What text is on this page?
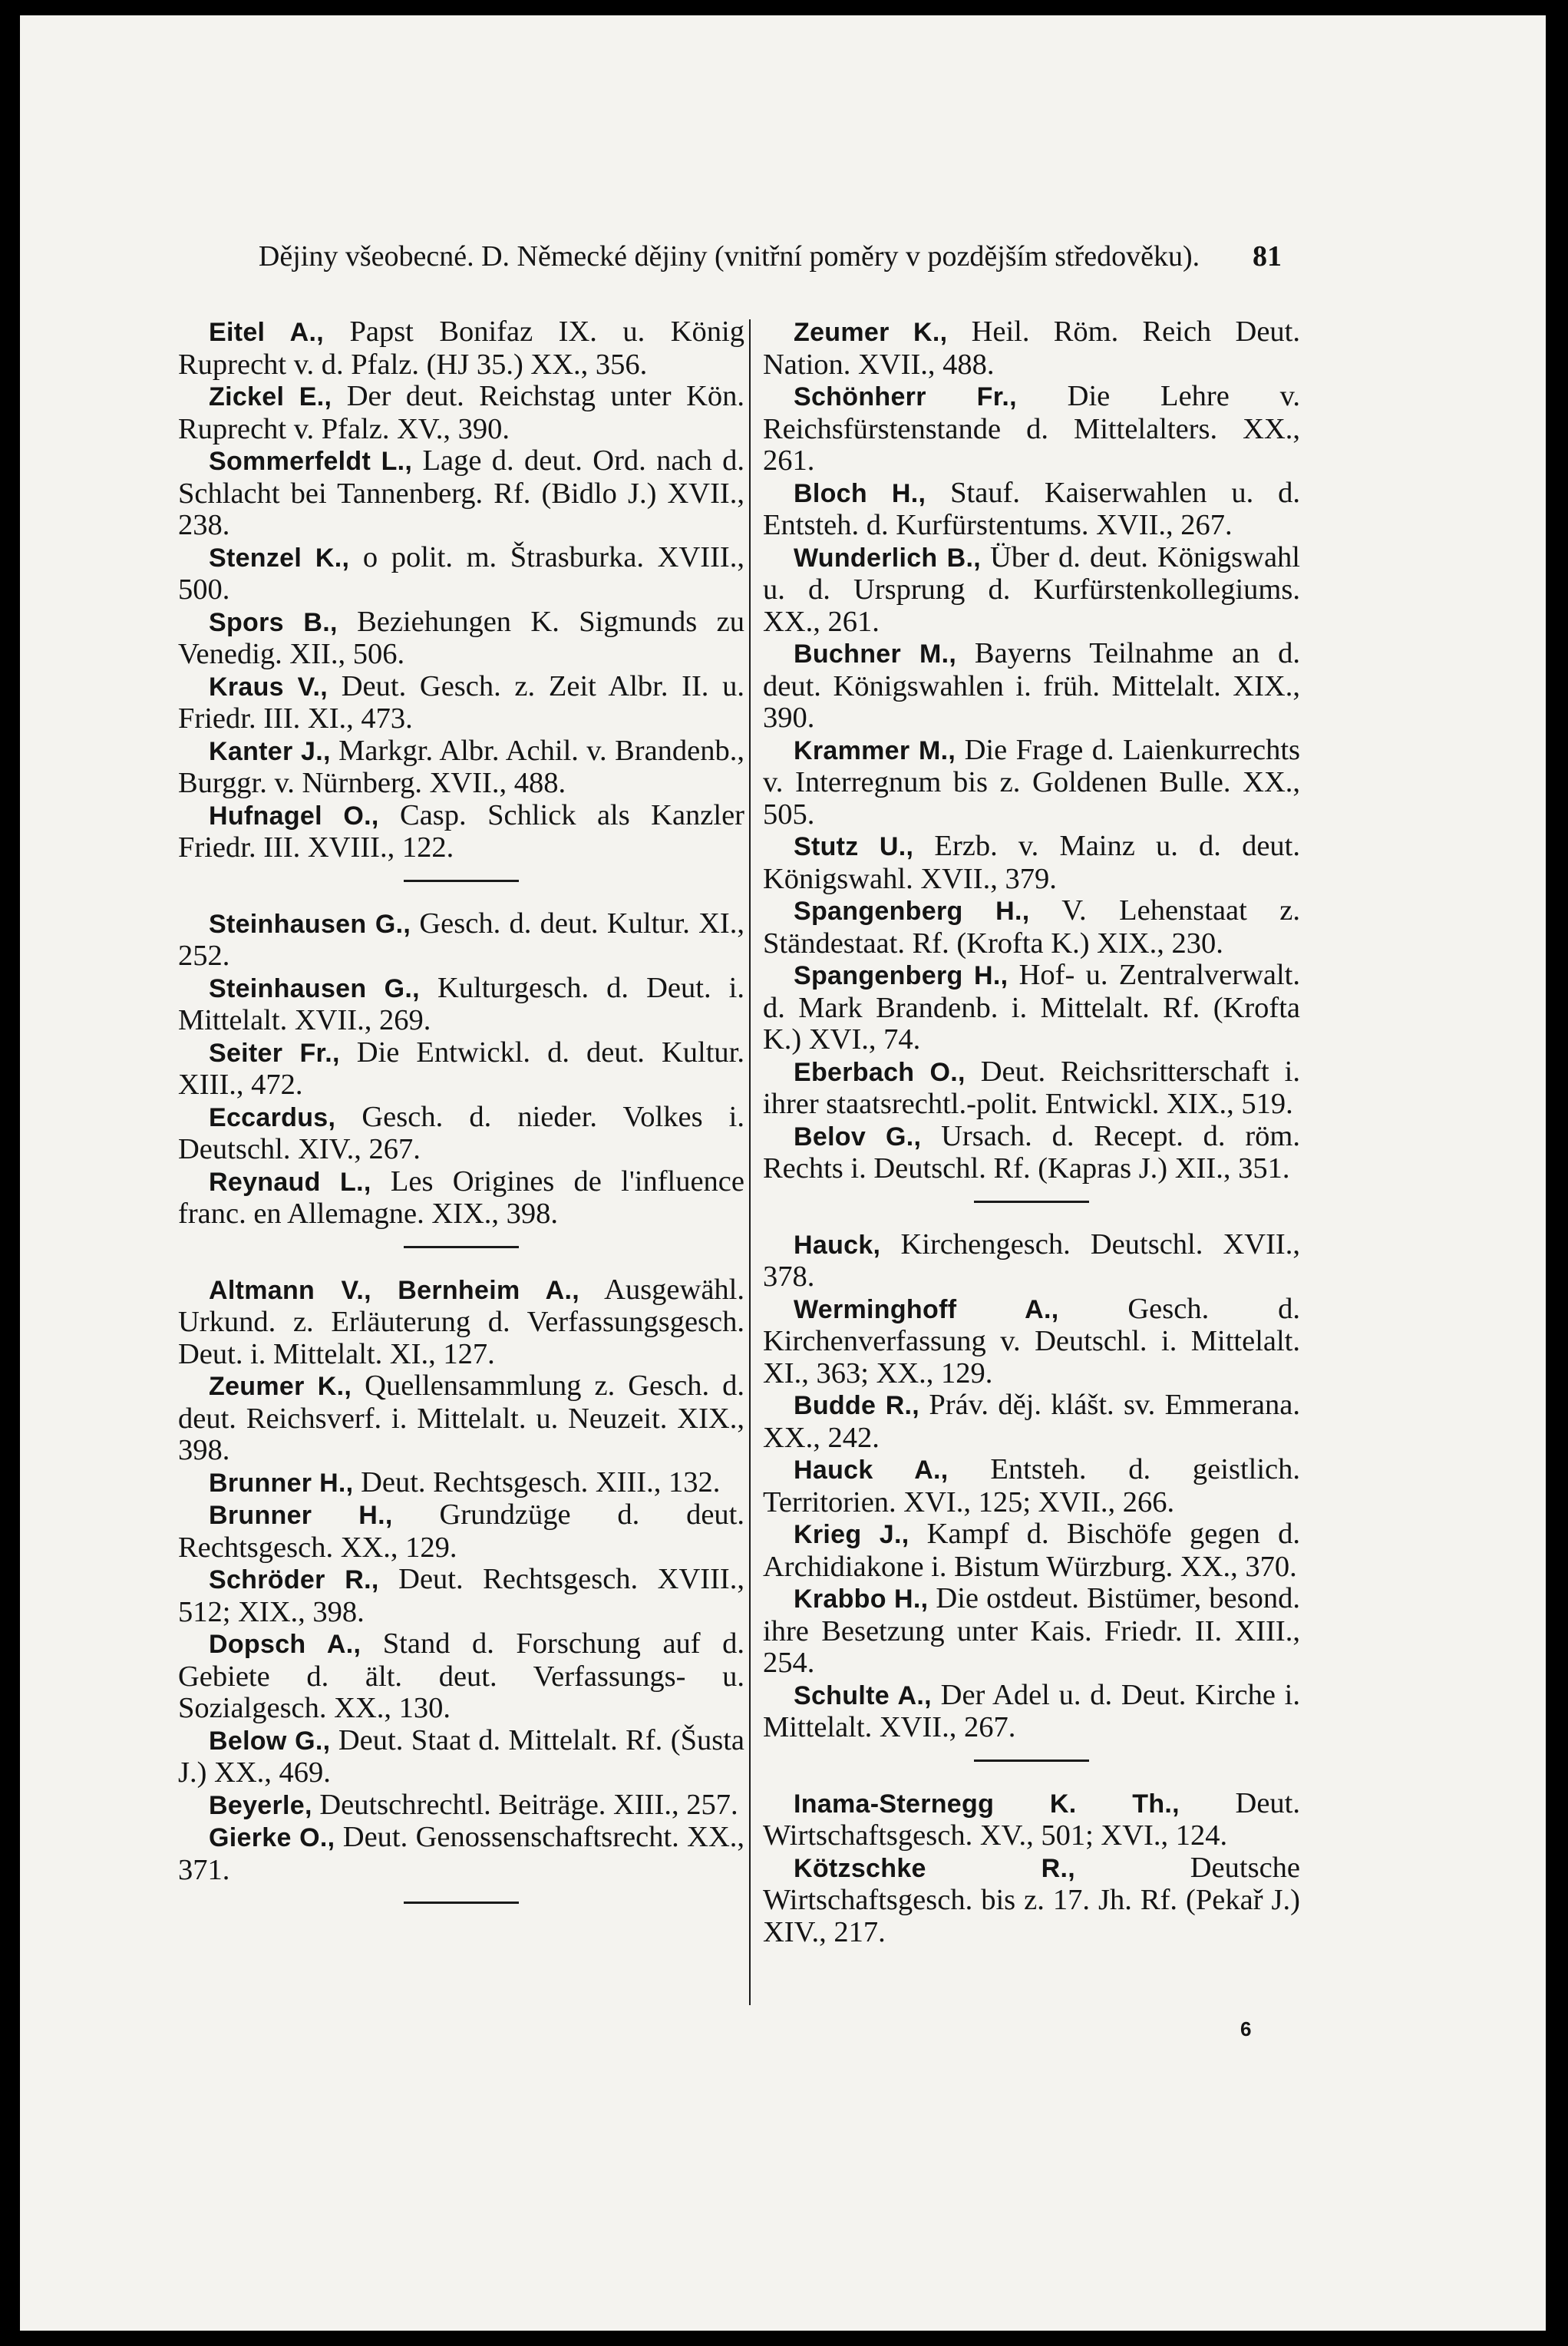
Dějiny všeobecné. D. Německé dějiny (vnitřní poměry v pozdějším středověku). 81

Eitel A., Papst Bonifaz IX. u. König Ruprecht v. d. Pfalz. (HJ 35.) XX., 356.

Zickel E., Der deut. Reichstag unter Kön. Ruprecht v. Pfalz. XV., 390.

Sommerfeldt L., Lage d. deut. Ord. nach d. Schlacht bei Tannenberg. Rf. (Bidlo J.) XVII., 238.

Stenzel K., o polit. m. Štrasburka. XVIII., 500.

Spors B., Beziehungen K. Sigmunds zu Venedig. XII., 506.

Kraus V., Deut. Gesch. z. Zeit Albr. II. u. Friedr. III. XI., 473.

Kanter J., Markgr. Albr. Achil. v. Brandenb., Burggr. v. Nürnberg. XVII., 488.

Hufnagel O., Casp. Schlick als Kanzler Friedr. III. XVIII., 122.

Steinhausen G., Gesch. d. deut. Kultur. XI., 252.

Steinhausen G., Kulturgesch. d. Deut. i. Mittelalt. XVII., 269.

Seiter Fr., Die Entwickl. d. deut. Kultur. XIII., 472.

Eccardus, Gesch. d. nieder. Volkes i. Deutschl. XIV., 267.

Reynaud L., Les Origines de l'influence franc. en Allemagne. XIX., 398.

Altmann V., Bernheim A., Ausgewähl. Urkund. z. Erläuterung d. Verfassungsgesch. Deut. i. Mittelalt. XI., 127.

Zeumer K., Quellensammlung z. Gesch. d. deut. Reichsverf. i. Mittelalt. u. Neuzeit. XIX., 398.

Brunner H., Deut. Rechtsgesch. XIII., 132.

Brunner H., Grundzüge d. deut. Rechtsgesch. XX., 129.

Schröder R., Deut. Rechtsgesch. XVIII., 512; XIX., 398.

Dopsch A., Stand d. Forschung auf d. Gebiete d. ält. deut. Verfassungs- u. Sozialgesch. XX., 130.

Below G., Deut. Staat d. Mittelalt. Rf. (Šusta J.) XX., 469.

Beyerle, Deutschrechtl. Beiträge. XIII., 257.

Gierke O., Deut. Genossenschaftsrecht. XX., 371.

Zeumer K., Heil. Röm. Reich Deut. Nation. XVII., 488.

Schönherr Fr., Die Lehre v. Reichsfürstenstande d. Mittelalters. XX., 261.

Bloch H., Stauf. Kaiserwahlen u. d. Entsteh. d. Kurfürstentums. XVII., 267.

Wunderlich B., Über d. deut. Königswahl u. d. Ursprung d. Kurfürstenkollegiums. XX., 261.

Buchner M., Bayerns Teilnahme an d. deut. Königswahlen i. früh. Mittelalt. XIX., 390.

Krammer M., Die Frage d. Laienkurrechts v. Interregnum bis z. Goldenen Bulle. XX., 505.

Stutz U., Erzb. v. Mainz u. d. deut. Königswahl. XVII., 379.

Spangenberg H., V. Lehenstaat z. Ständestaat. Rf. (Krofta K.) XIX., 230.

Spangenberg H., Hof- u. Zentralverwalt. d. Mark Brandenb. i. Mittelalt. Rf. (Krofta K.) XVI., 74.

Eberbach O., Deut. Reichsritterschaft i. ihrer staatsrechtl.-polit. Entwickl. XIX., 519.

Belov G., Ursach. d. Recept. d. röm. Rechts i. Deutschl. Rf. (Kapras J.) XII., 351.

Hauck, Kirchengesch. Deutschl. XVII., 378.

Werminghoff A., Gesch. d. Kirchenverfassung v. Deutschl. i. Mittelalt. XI., 363; XX., 129.

Budde R., Práv. děj. klášt. sv. Emmerana. XX., 242.

Hauck A., Entsteh. d. geistlich. Territorien. XVI., 125; XVII., 266.

Krieg J., Kampf d. Bischöfe gegen d. Archidiakone i. Bistum Würzburg. XX., 370.

Krabbo H., Die ostdeut. Bistümer, besond. ihre Besetzung unter Kais. Friedr. II. XIII., 254.

Schulte A., Der Adel u. d. Deut. Kirche i. Mittelalt. XVII., 267.

Inama-Sternegg K. Th., Deut. Wirtschaftsgesch. XV., 501; XVI., 124.

Kötzschke R., Deutsche Wirtschaftsgesch. bis z. 17. Jh. Rf. (Pekař J.) XIV., 217.

6
